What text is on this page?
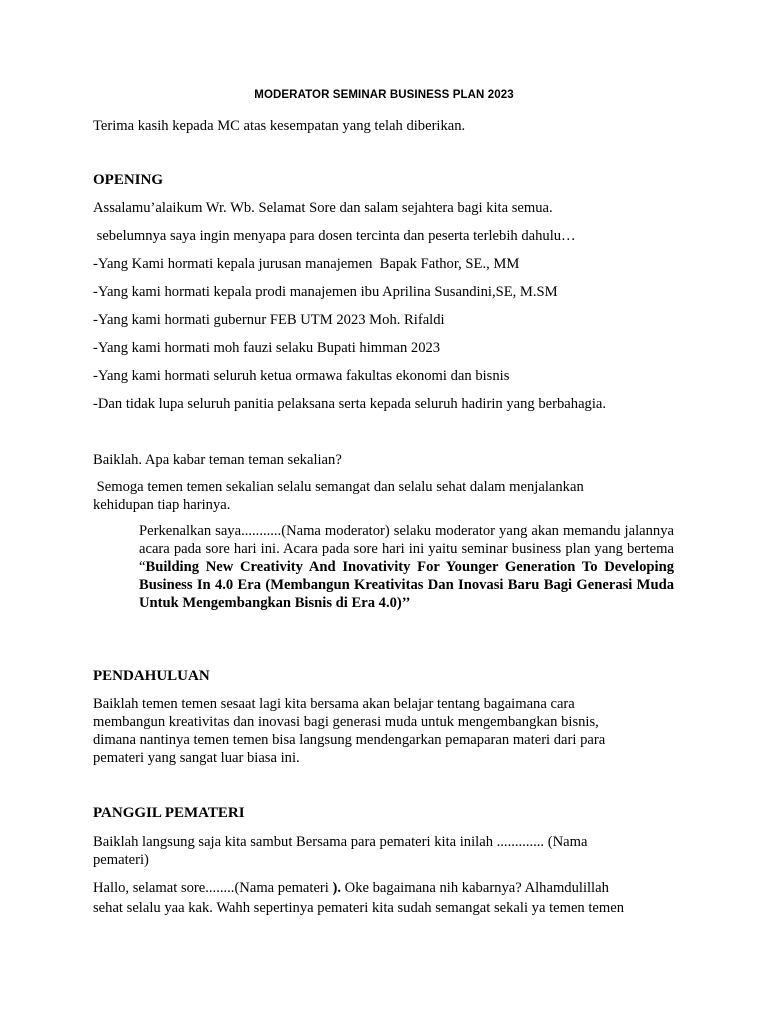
MODERATOR SEMINAR BUSINESS PLAN 2023
Terima kasih kepada MC atas kesempatan yang telah diberikan.
OPENING
Assalamu’alaikum Wr. Wb. Selamat Sore dan salam sejahtera bagi kita semua.
sebelumnya saya ingin menyapa para dosen tercinta dan peserta terlebih dahulu…
-Yang Kami hormati kepala jurusan manajemen  Bapak Fathor, SE., MM
-Yang kami hormati kepala prodi manajemen ibu Aprilina Susandini,SE, M.SM
-Yang kami hormati gubernur FEB UTM 2023 Moh. Rifaldi
-Yang kami hormati moh fauzi selaku Bupati himman 2023
-Yang kami hormati seluruh ketua ormawa fakultas ekonomi dan bisnis
-Dan tidak lupa seluruh panitia pelaksana serta kepada seluruh hadirin yang berbahagia.
Baiklah. Apa kabar teman teman sekalian?
Semoga temen temen sekalian selalu semangat dan selalu sehat dalam menjalankan
kehidupan tiap harinya.
Perkenalkan saya...........(Nama moderator) selaku moderator yang akan memandu jalannya acara pada sore hari ini. Acara pada sore hari ini yaitu seminar business plan yang bertema “Building New Creativity And Inovativity For Younger Generation To Developing Business In 4.0 Era (Membangun Kreativitas Dan Inovasi Baru Bagi Generasi Muda Untuk Mengembangkan Bisnis di Era 4.0)’’
PENDAHULUAN
Baiklah temen temen sesaat lagi kita bersama akan belajar tentang bagaimana cara
membangun kreativitas dan inovasi bagi generasi muda untuk mengembangkan bisnis,
dimana nantinya temen temen bisa langsung mendengarkan pemaparan materi dari para
pemateri yang sangat luar biasa ini.
PANGGIL PEMATERI
Baiklah langsung saja kita sambut Bersama para pemateri kita inilah ............. (Nama
pemateri)
Hallo, selamat sore........(Nama pemateri ). Oke bagaimana nih kabarnya? Alhamdulillah
sehat selalu yaa kak. Wahh sepertinya pemateri kita sudah semangat sekali ya temen temen
